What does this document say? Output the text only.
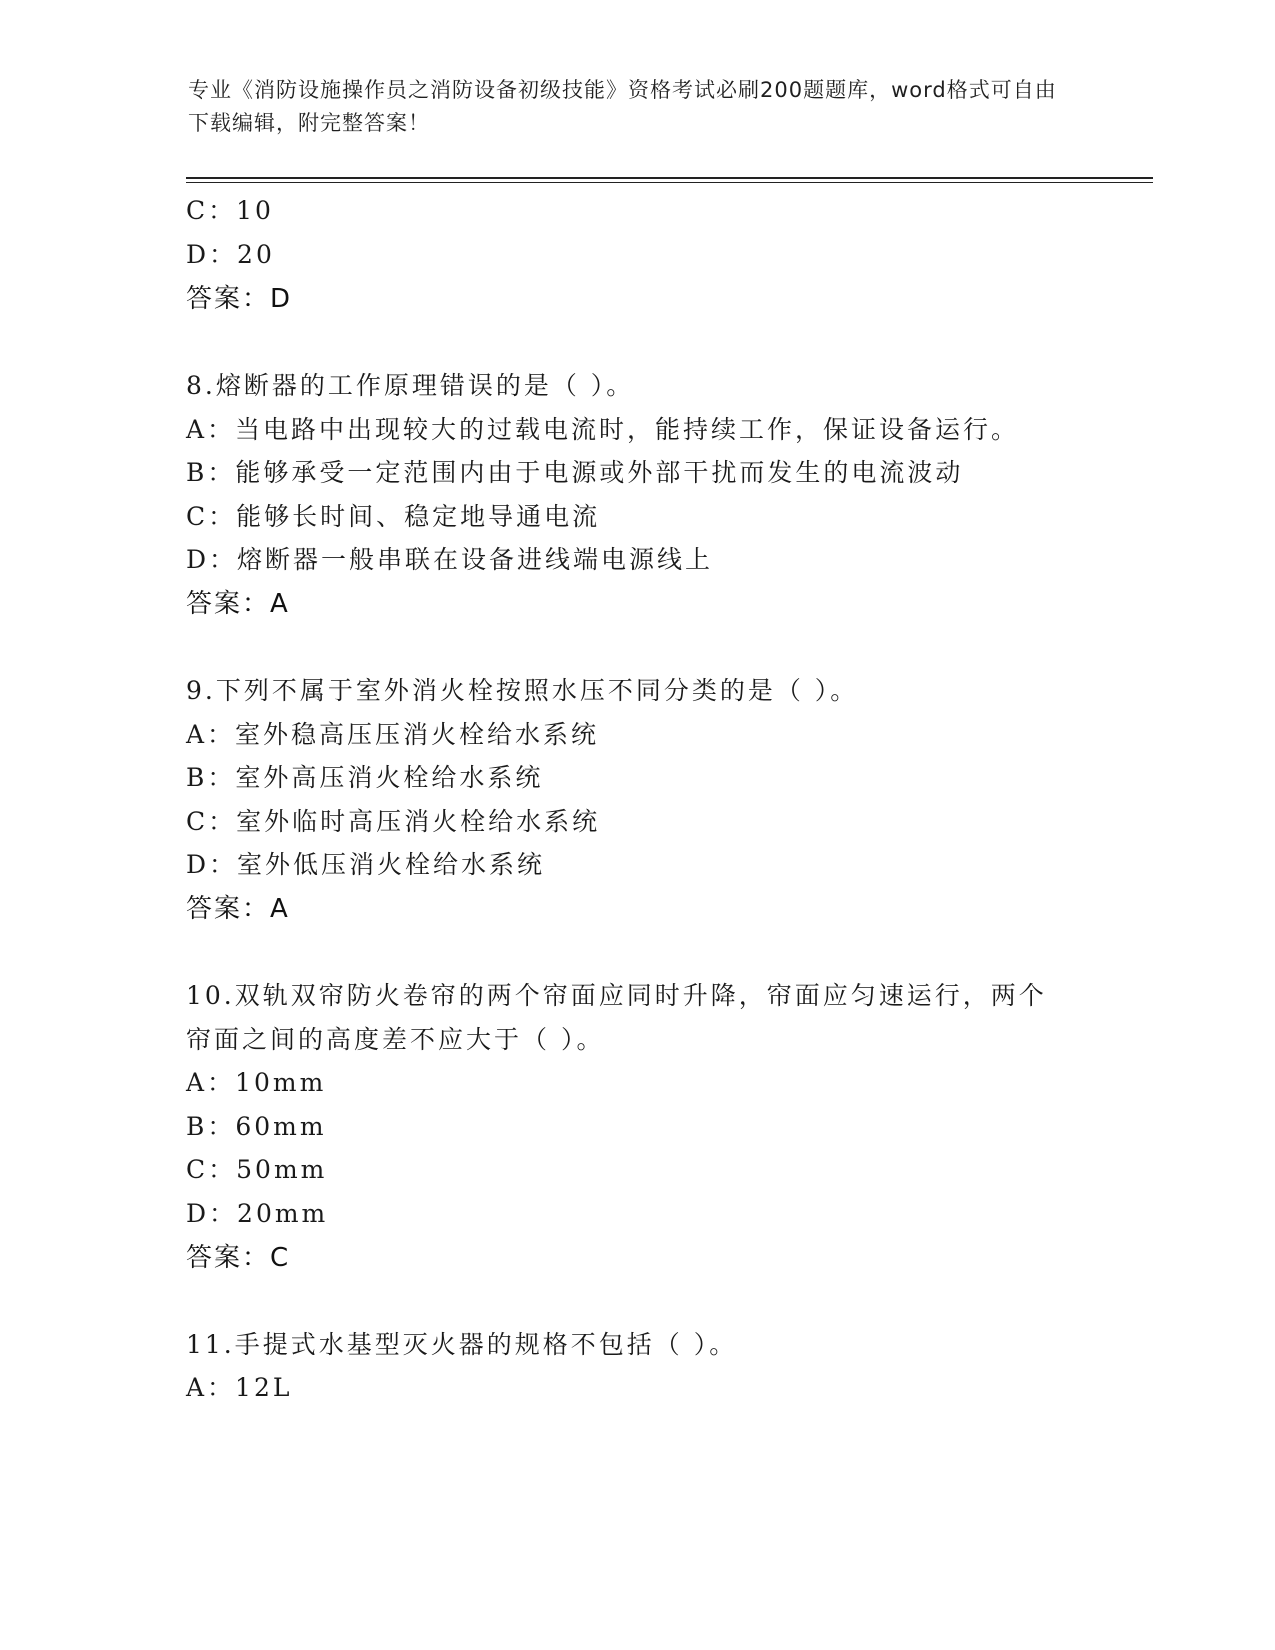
专业《消防设施操作员之消防设备初级技能》资格考试必刷200题题库，word格式可自由下载编辑，附完整答案！
C：10
D：20
答案：D
8.熔断器的工作原理错误的是（ ）。
A：当电路中出现较大的过载电流时，能持续工作，保证设备运行。
B：能够承受一定范围内由于电源或外部干扰而发生的电流波动
C：能够长时间、稳定地导通电流
D：熔断器一般串联在设备进线端电源线上
答案：A
9.下列不属于室外消火栓按照水压不同分类的是（ ）。
A：室外稳高压压消火栓给水系统
B：室外高压消火栓给水系统
C：室外临时高压消火栓给水系统
D：室外低压消火栓给水系统
答案：A
10.双轨双帘防火卷帘的两个帘面应同时升降，帘面应匀速运行，两个
帘面之间的高度差不应大于（ ）。
A：10mm
B：60mm
C：50mm
D：20mm
答案：C
11.手提式水基型灭火器的规格不包括（ ）。
A：12L
